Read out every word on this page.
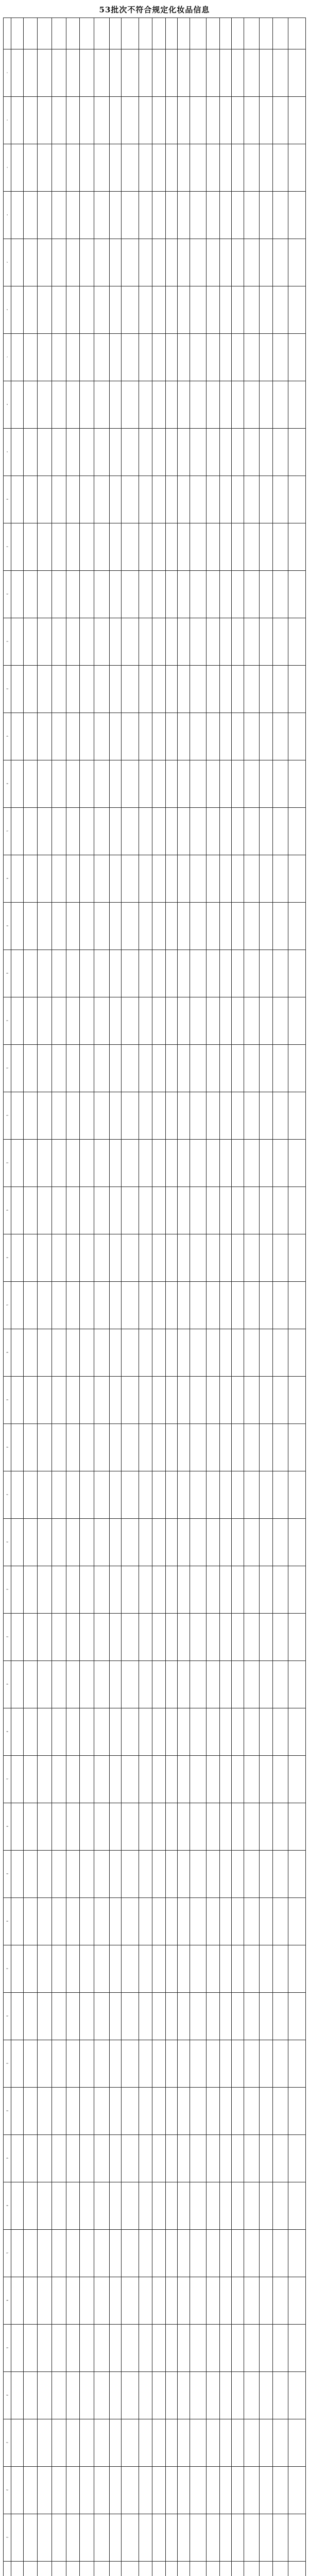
53批次不符合规定化妆品信息

1																					
2																					
3																					
4																					
5																					
6																					
7																					
8																					
9																					
10																					
11																					
12																					
13																					
14																					
15																					
16																					
17																					
18																					
19																					
20																					
21																					
22																					
23																					
24																					
25																					
26																					
27																					
28																					
29																					
30																					
31																					
32																					
33																					
34																					
35																					
36																					
37																					
38																					
39																					
40																					
41																					
42																					
43																					
44																					
45																					
46																					
47																					
48																					
49																					
50																					
51																					
52																					
53																					
